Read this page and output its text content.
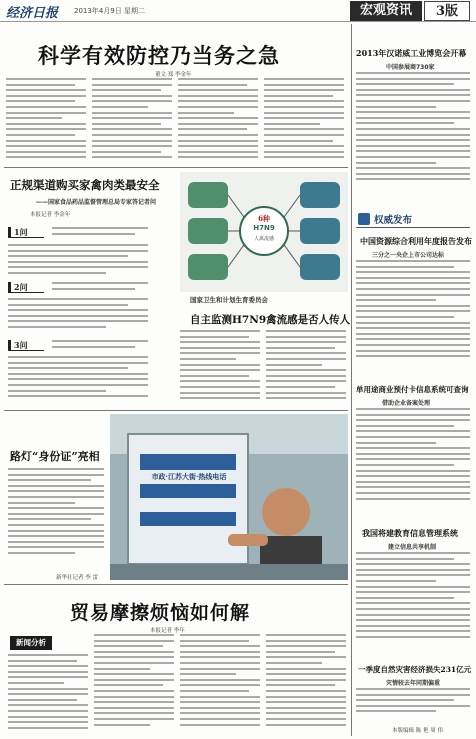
经济日报 2013年4月9日 星期二	宏观资讯	3版
科学有效防控乃当务之急
董文·郑 李金年
正规渠道购买家禽肉类最安全
——国家食品药品监督管理总局专家答记者问
本报记者 李金年
1问
2问
3问
6种
H7N9
人禽流感
国家卫生和计划生育委员会
自主监测H7N9禽流感是否人传人
市政·江苏大街·热线电话
路灯“身份证”亮相
新华社记者 李 雷
贸易摩擦烦恼如何解
本报记者 李年
新闻分析
2013年汉诺威工业博览会开幕
中国参展商730家
权威发布
中国资源综合利用年度报告发布
三分之一央企上市公司达标
单用途商业预付卡信息系统可查询
借助企业备案处理
我国将建教育信息管理系统
建立信息共享机制
一季度自然灾害经济损失231亿元
灾情较去年同期偏重
本版编辑 陈 艳 周 伟
